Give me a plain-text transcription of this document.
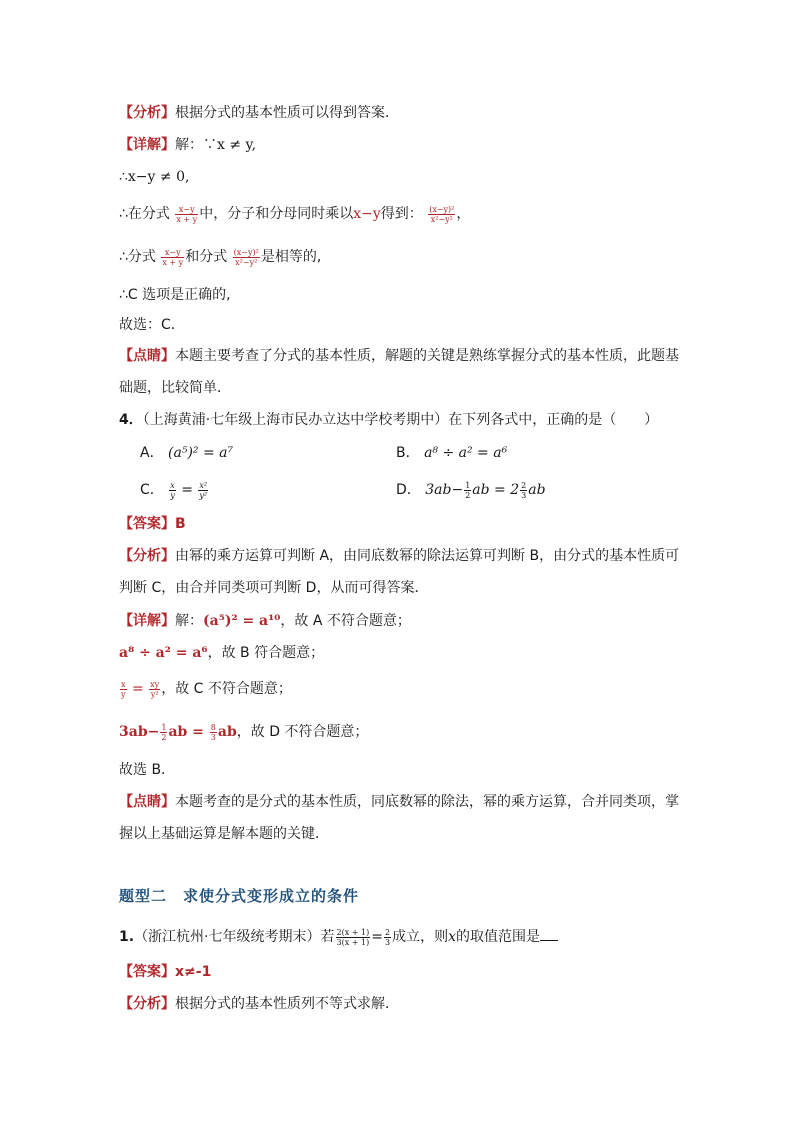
【分析】根据分式的基本性质可以得到答案．
【详解】解：∵x ≠ y,
∴x−y ≠ 0,
∴在分式 $\frac{x-y}{x + y}$ 中，分子和分母同时乘以x−y得到： $\frac{\text{(x−y)²}}{\text{x²−y²}}$ ，
∴分式 $\frac{x-y}{x + y}$ 和分式 $\frac{\text{(x−y)²}}{\text{x²−y²}}$ 是相等的,
∴C 选项是正确的,
故选：C．
【点睛】本题主要考查了分式的基本性质，解题的关键是熟练掌握分式的基本性质，此题基
础题，比较简单．
4．（上海黄浦·七年级上海市民办立达中学校考期中）在下列各式中，正确的是（　　）
A． (a⁵)² = a⁷	B． a⁸ ÷ a² = a⁶
C． $\frac{x}{y} = \frac{\text{x²}}{\text{y²}}$	D． $3ab- \frac{1}{2}$ ab = $2 \frac{2}{3}$ ab
【答案】B
【分析】由幂的乘方运算可判断 A，由同底数幂的除法运算可判断 B，由分式的基本性质可
判断 C，由合并同类项可判断 D，从而可得答案．
【详解】解：(a⁵)² = a¹⁰，故 A 不符合题意；
a⁸ ÷ a² = a⁶，故 B 符合题意；
$\frac{x}{y} = \frac{xy}{\text{y²}}$ ，故 C 不符合题意；
$3ab- \frac{1}{2}$ ab = $\frac{8}{3}$ ab，故 D 不符合题意；
故选 B．
【点睛】本题考查的是分式的基本性质，同底数幂的除法，幂的乘方运算，合并同类项，掌
握以上基础运算是解本题的关键．
题型二　求使分式变形成立的条件
1.（浙江杭州·七年级统考期末）若 $\frac{2(x + 1)}{3(x + 1)} = \frac{2}{3}$ 成立，则x的取值范围是
【答案】x≠-1
【分析】根据分式的基本性质列不等式求解．
